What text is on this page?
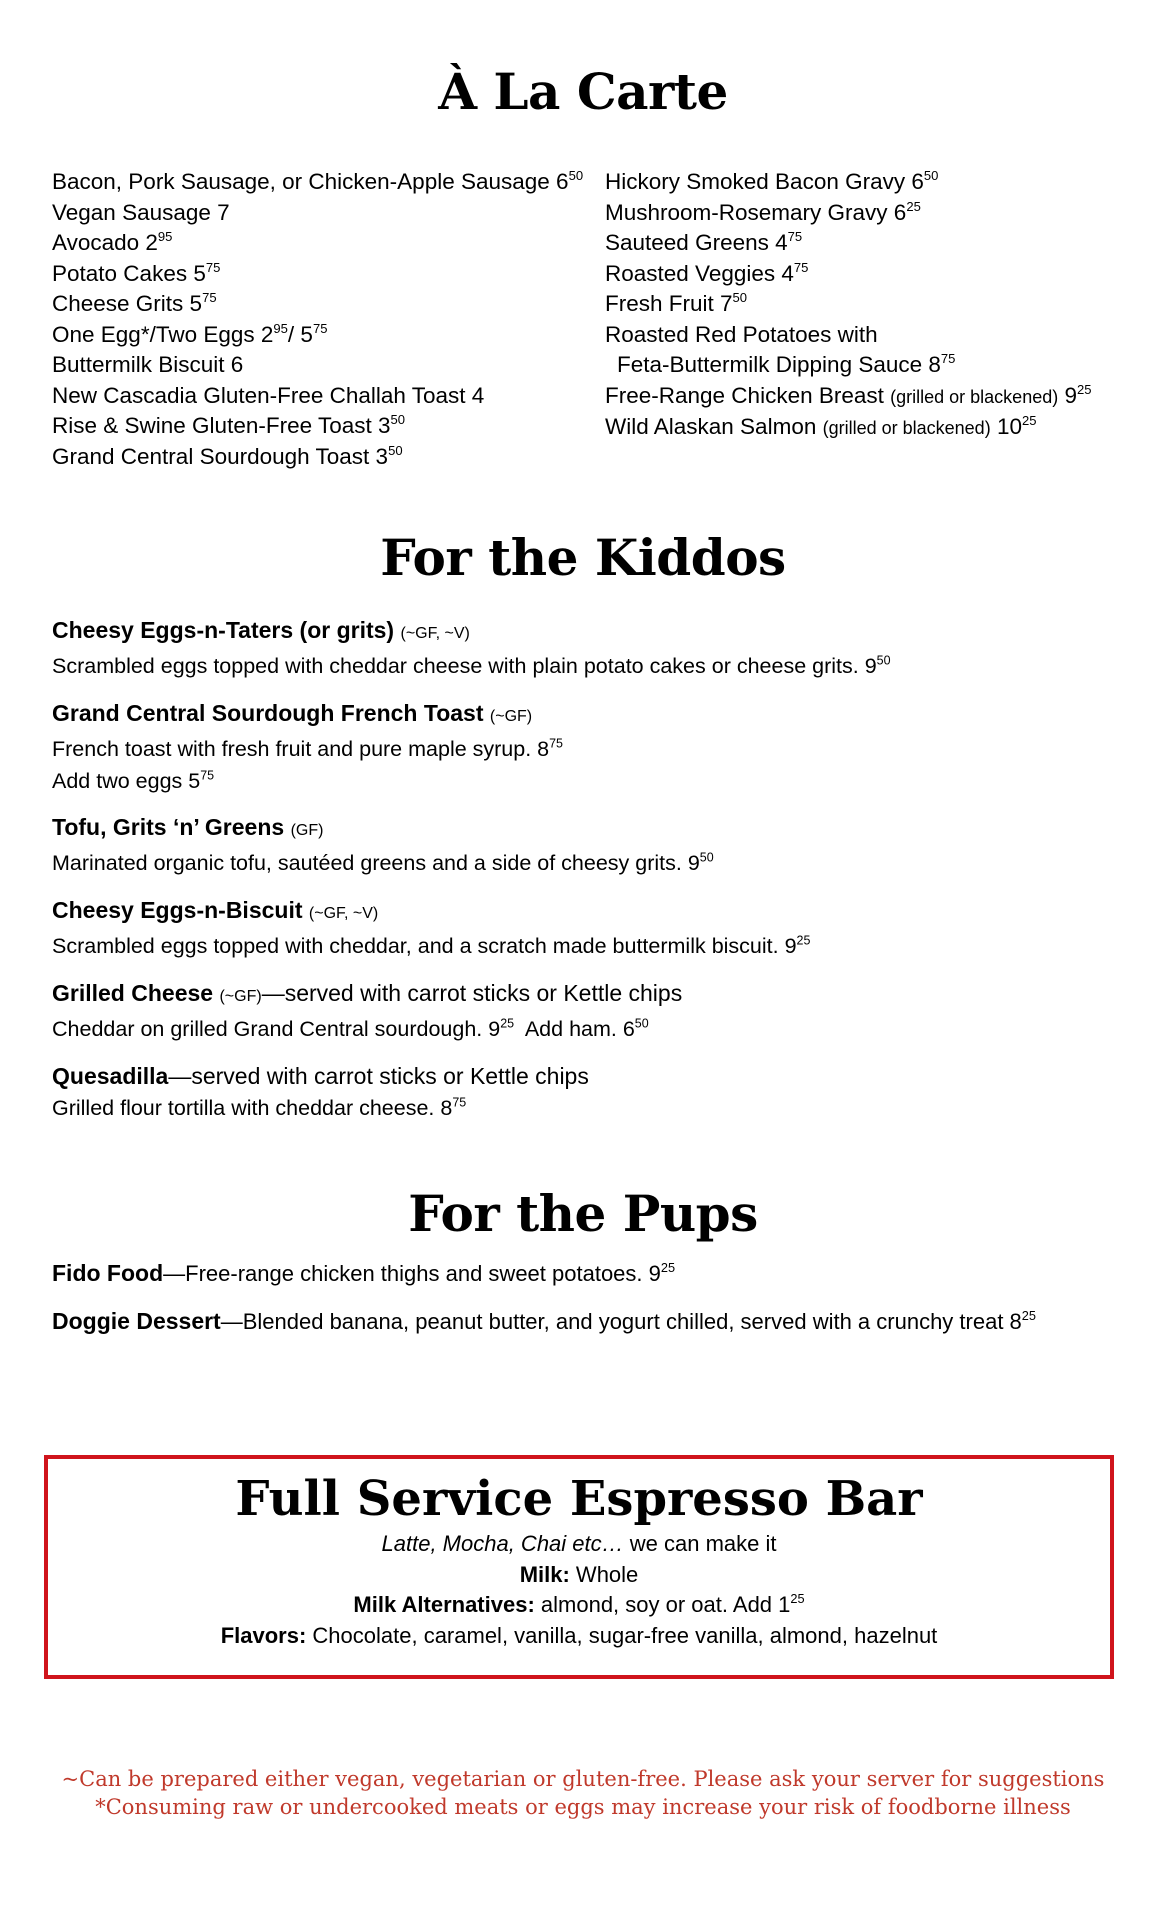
À La Carte
Bacon, Pork Sausage, or Chicken-Apple Sausage $6^{50}$
Vegan Sausage 7
Avocado $2^{95}$
Potato Cakes $5^{75}$
Cheese Grits $5^{75}$
One Egg*/Two Eggs $2^{95}/$ $5^{75}$
Buttermilk Biscuit 6
New Cascadia Gluten-Free Challah Toast 4
Rise & Swine Gluten-Free Toast $3^{50}$
Grand Central Sourdough Toast $3^{50}$
Hickory Smoked Bacon Gravy $6^{50}$
Mushroom-Rosemary Gravy $6^{25}$
Sauteed Greens $4^{75}$
Roasted Veggies $4^{75}$
Fresh Fruit $7^{50}$
Roasted Red Potatoes with
Feta-Buttermilk Dipping Sauce $8^{75}$
Free-Range Chicken Breast (grilled or blackened) $9^{25}$
Wild Alaskan Salmon (grilled or blackened) $10^{25}$
For the Kiddos
Cheesy Eggs-n-Taters (or grits) (~GF, ~V)
Scrambled eggs topped with cheddar cheese with plain potato cakes or cheese grits. $9^{50}$
Grand Central Sourdough French Toast (~GF)
French toast with fresh fruit and pure maple syrup. $8^{75}$
Add two eggs $5^{75}$
Tofu, Grits ‘n’ Greens (GF)
Marinated organic tofu, sautéed greens and a side of cheesy grits. $9^{50}$
Cheesy Eggs-n-Biscuit (~GF, ~V)
Scrambled eggs topped with cheddar, and a scratch made buttermilk biscuit. $9^{25}$
Grilled Cheese (~GF)—served with carrot sticks or Kettle chips
Cheddar on grilled Grand Central sourdough. $9^{25}$  Add ham. $6^{50}$
Quesadilla—served with carrot sticks or Kettle chips
Grilled flour tortilla with cheddar cheese. $8^{75}$
For the Pups
Fido Food—Free-range chicken thighs and sweet potatoes. $9^{25}$
Doggie Dessert—Blended banana, peanut butter, and yogurt chilled, served with a crunchy treat $8^{25}$
Full Service Espresso Bar
Latte, Mocha, Chai etc… we can make it
Milk: Whole
Milk Alternatives: almond, soy or oat. Add $1^{25}$
Flavors: Chocolate, caramel, vanilla, sugar-free vanilla, almond, hazelnut
~Can be prepared either vegan, vegetarian or gluten-free. Please ask your server for suggestions
*Consuming raw or undercooked meats or eggs may increase your risk of foodborne illness
